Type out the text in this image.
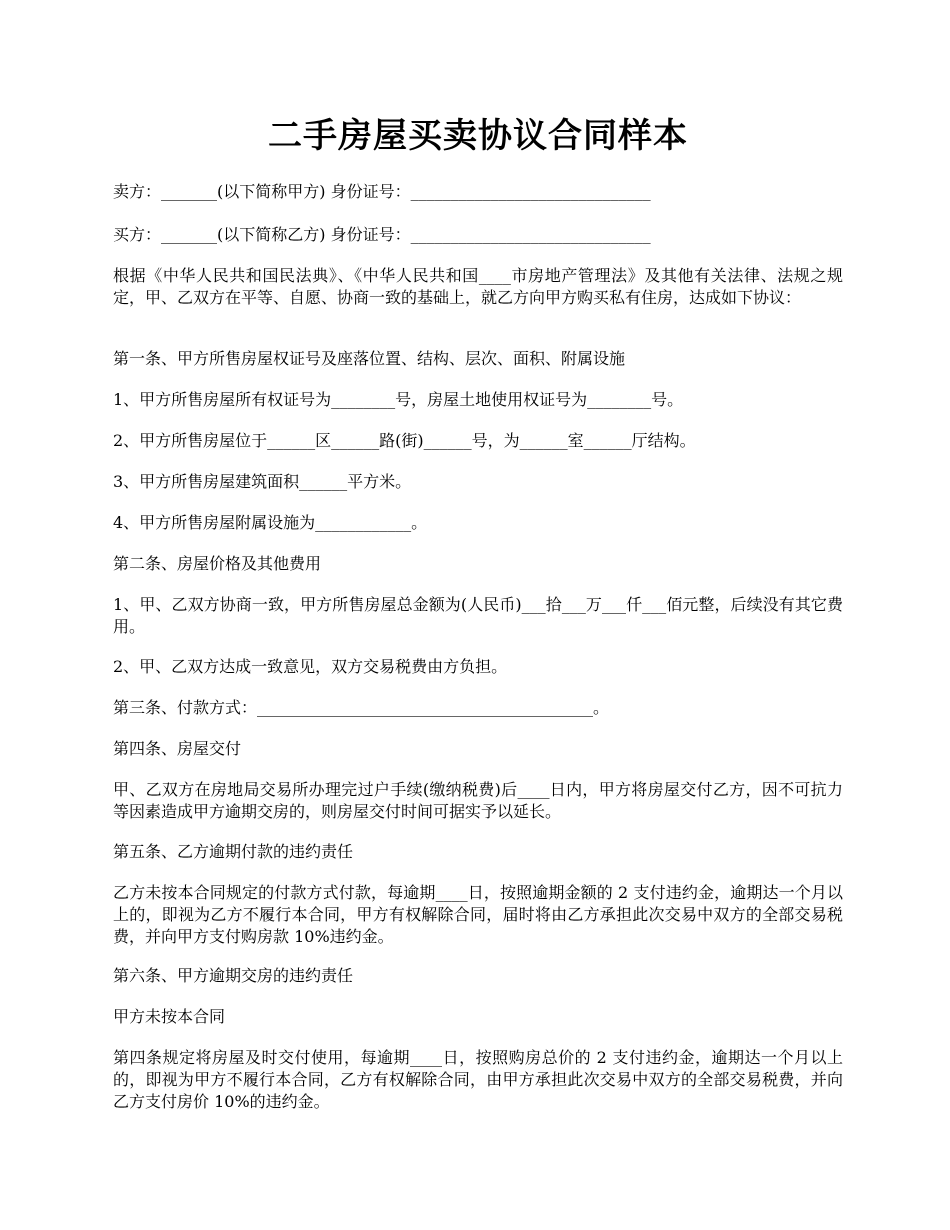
二手房屋买卖协议合同样本

卖方：_______(以下简称甲方) 身份证号：______________________________

买方：_______(以下简称乙方) 身份证号：______________________________

根据《中华人民共和国民法典》、《中华人民共和国____市房地产管理法》及其他有关法律、法规之规定，甲、乙双方在平等、自愿、协商一致的基础上，就乙方向甲方购买私有住房，达成如下协议：

第一条、甲方所售房屋权证号及座落位置、结构、层次、面积、附属设施

1、甲方所售房屋所有权证号为________号，房屋土地使用权证号为________号。

2、甲方所售房屋位于______区______路(街)______号，为______室______厅结构。

3、甲方所售房屋建筑面积______平方米。

4、甲方所售房屋附属设施为____________。

第二条、房屋价格及其他费用

1、甲、乙双方协商一致，甲方所售房屋总金额为(人民币)___拾___万___仟___佰元整，后续没有其它费用。

2、甲、乙双方达成一致意见，双方交易税费由方负担。

第三条、付款方式：__________________________________________。

第四条、房屋交付

甲、乙双方在房地局交易所办理完过户手续(缴纳税费)后____日内，甲方将房屋交付乙方，因不可抗力等因素造成甲方逾期交房的，则房屋交付时间可据实予以延长。

第五条、乙方逾期付款的违约责任

乙方未按本合同规定的付款方式付款，每逾期____日，按照逾期金额的 2 支付违约金，逾期达一个月以上的，即视为乙方不履行本合同，甲方有权解除合同，届时将由乙方承担此次交易中双方的全部交易税费，并向甲方支付购房款 10%违约金。

第六条、甲方逾期交房的违约责任

甲方未按本合同

第四条规定将房屋及时交付使用，每逾期____日，按照购房总价的 2 支付违约金，逾期达一个月以上的，即视为甲方不履行本合同，乙方有权解除合同，由甲方承担此次交易中双方的全部交易税费，并向乙方支付房价 10%的违约金。
